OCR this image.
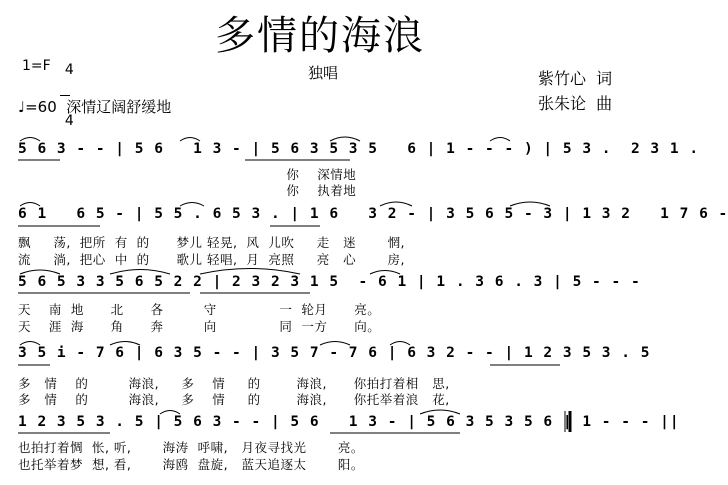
多情的海浪
独唱
1=F	4

4

♩=60 深情辽阔舒缓地
紫竹心  词
张朱论  曲
5 6 3 - - | 5 6   1 3 - | 5 6 3 5 3 5   6 | 1 - - - ) | 5 3 .  2 3 1 .
你    深情地
你    执着地
6 1   6 5 - | 5 5 . 6 5 3 . | 1 6   3 2 - | 3 5 6 5 - 3 | 1 3 2   1 7 6 -
飘     荡,  把所  有  的      梦儿 轻晃,  风  儿吹     走   迷       惘,
流     淌,  把心  中  的      歌儿 轻唱,  月  亮照     亮   心       房,
5 6 5 3 3 5 6 5 2 2 | 2 3 2 3 1 5  - 6 1 | 1 . 3 6 . 3 | 5 - - -
天    南  地      北      各         守              一  轮月      亮。
天    涯  海      角      奔         向              同  一方      向。
3 5 i - 7 6 | 6 3 5 - - | 3 5 7 - 7 6 | 6 3 2 - - | 1 2 3 5 3 . 5
多   情    的         海浪,     多    情     的        海浪,      你拍打着相   思,
多   情    的         海浪,     多    情     的        海浪,      你托举着浪   花,
1 2 3 5 3 . 5 | 5 6 3 - - | 5 6   1 3 - | 5 6 3 5 3 5 6 | 1 - - - ||
也拍打着惆  怅, 听,       海涛  呼啸,   月夜寻找光       亮。
也托举着梦  想, 看,       海鸥  盘旋,   蓝天追逐太       阳。
